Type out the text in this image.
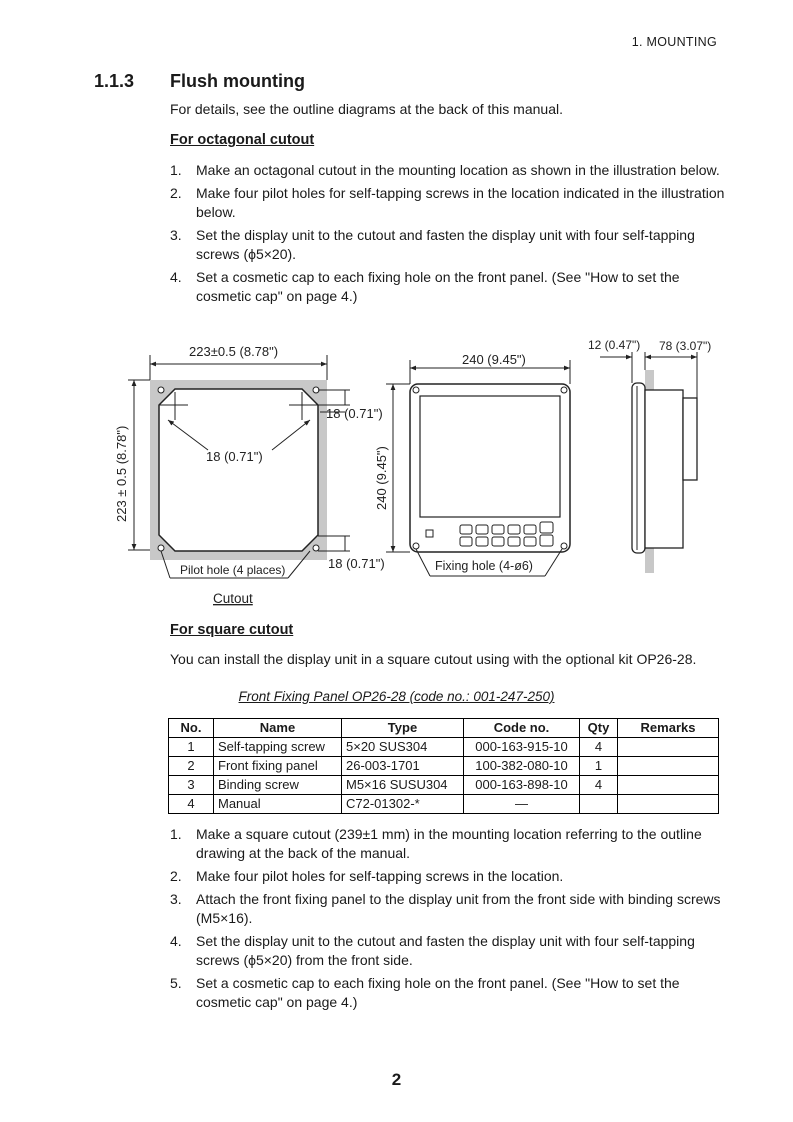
1. MOUNTING
1.1.3 Flush mounting
For details, see the outline diagrams at the back of this manual.
For octagonal cutout
1. Make an octagonal cutout in the mounting location as shown in the illustration below.
2. Make four pilot holes for self-tapping screws in the location indicated in the illustration below.
3. Set the display unit to the cutout and fasten the display unit with four self-tapping screws (ϕ5×20).
4. Set a cosmetic cap to each fixing hole on the front panel. (See "How to set the cosmetic cap" on page 4.)
223±0.5 (8.78")
223 ± 0.5 (8.78")	18 (0.71")
18 (0.71")
18 (0.71")
Pilot hole (4 places)
Cutout
240 (9.45")
240 (9.45")
Fixing hole (4-ø6)
12 (0.47") 78 (3.07")
For square cutout
You can install the display unit in a square cutout using with the optional kit OP26-28.
Front Fixing Panel OP26-28 (code no.: 001-247-250)
No.	Name	Type	Code no.	Qty	Remarks
1	Self-tapping screw	5×20 SUS304	000-163-915-10	4	
2	Front fixing panel	26-003-1701	100-382-080-10	1	
3	Binding screw	M5×16 SUSU304	000-163-898-10	4	
4	Manual	C72-01302-*	—		
1. Make a square cutout (239±1 mm) in the mounting location referring to the outline drawing at the back of the manual.
2. Make four pilot holes for self-tapping screws in the location.
3. Attach the front fixing panel to the display unit from the front side with binding screws (M5×16).
4. Set the display unit to the cutout and fasten the display unit with four self-tapping screws (ϕ5×20) from the front side.
5. Set a cosmetic cap to each fixing hole on the front panel. (See "How to set the cosmetic cap" on page 4.)
2
